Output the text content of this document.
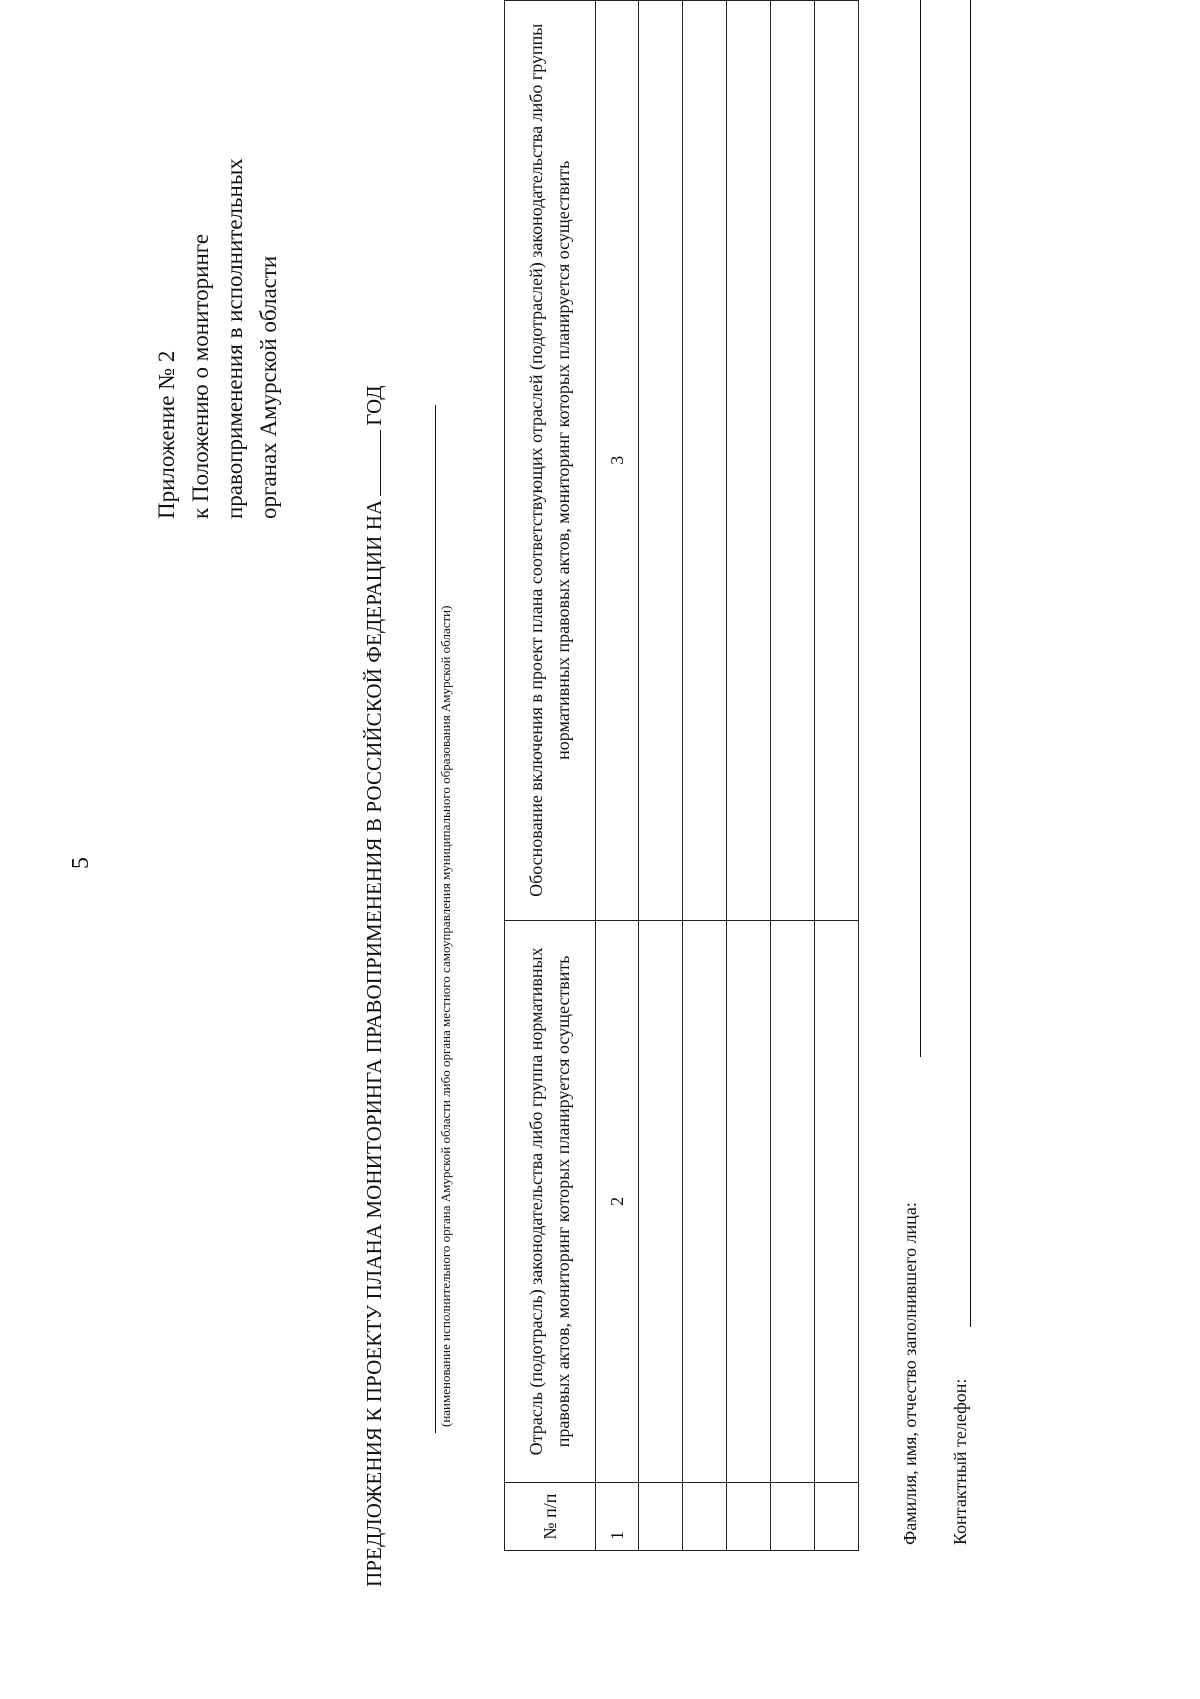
5
Приложение № 2 к Положению о мониторинге правоприменения в исполнительных органах Амурской области
ПРЕДЛОЖЕНИЯ К ПРОЕКТУ ПЛАНА МОНИТОРИНГА ПРАВОПРИМЕНЕНИЯ В РОССИЙСКОЙ ФЕДЕРАЦИИ НАГОД
(наименование исполнительного органа Амурской области либо органа местного самоуправления муниципального образования Амурской области)
№ п/п	Отрасль (подотрасль) законодательства либо группа нормативных правовых актов, мониторинг которых планируется осуществить	Обоснование включения в проект плана соответствующих отраслей (подотраслей) законодательства либо группы нормативных правовых актов, мониторинг которых планируется осуществить

1	2	3

Фамилия, имя, отчество заполнившего лица: Контактный телефон:
